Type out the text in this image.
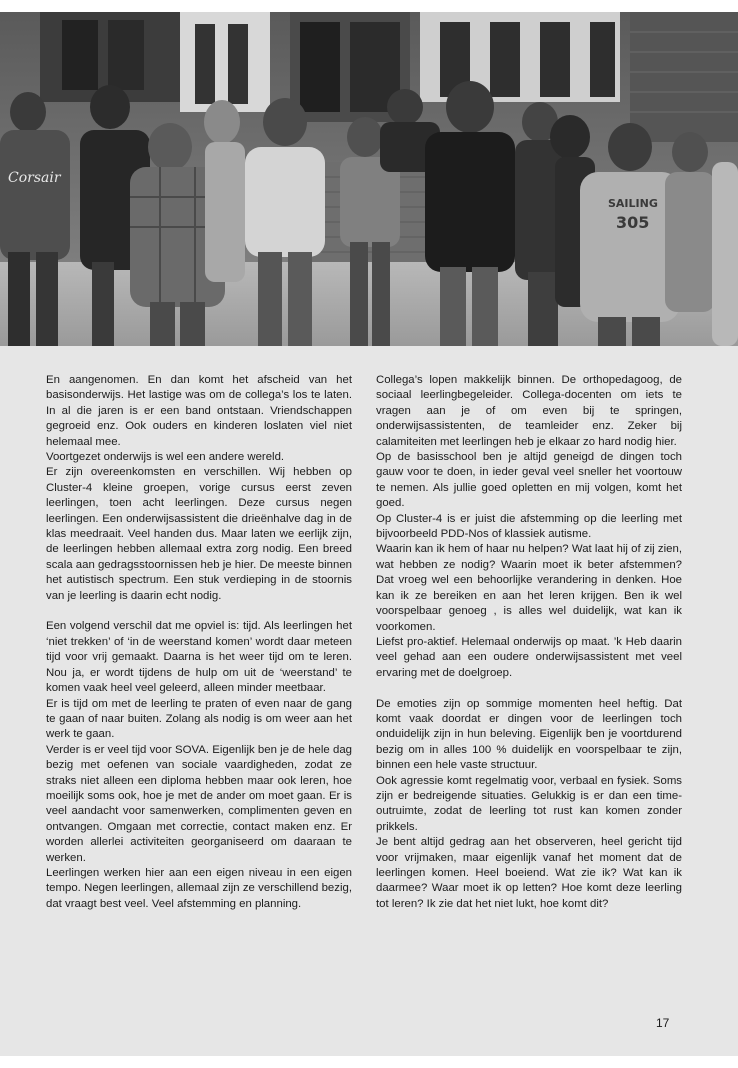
Corsair
SAILING
305

En aangenomen. En dan komt het afscheid van het basisonderwijs. Het lastige was om de collega’s los te laten. In al die jaren is er een band ontstaan. Vriendschappen gegroeid enz. Ook ouders en kinderen loslaten viel niet helemaal mee.

Voortgezet onderwijs is wel een andere wereld.

Er zijn overeenkomsten en verschillen. Wij hebben op Cluster-4 kleine groepen, vorige cursus eerst zeven leerlingen, toen acht leerlingen. Deze cursus negen leerlingen. Een onderwijsassistent die drieënhalve dag in de klas meedraait. Veel handen dus. Maar laten we eerlijk zijn, de leerlingen hebben allemaal extra zorg nodig. Een breed scala aan gedragsstoornissen heb je hier. De meeste binnen het autistisch spectrum. Een stuk verdieping in de stoornis van je leerling is daarin echt nodig.

Een volgend verschil dat me opviel is: tijd. Als leerlingen het ‘niet trekken’ of ‘in de weerstand komen’ wordt daar meteen tijd voor vrij gemaakt. Daarna is het weer tijd om te leren. Nou ja, er wordt tijdens de hulp om uit de ‘weerstand’ te komen vaak heel veel geleerd, alleen minder meetbaar.

Er is tijd om met de leerling te praten of even naar de gang te gaan of naar buiten. Zolang als nodig is om weer aan het werk te gaan.

Verder is er veel tijd voor SOVA. Eigenlijk ben je de hele dag bezig met oefenen van sociale vaardigheden, zodat ze straks niet alleen een diploma hebben maar ook leren, hoe moeilijk soms ook, hoe je met de ander om moet gaan. Er is veel aandacht voor samenwerken, complimenten geven en ontvangen. Omgaan met correctie, contact maken enz. Er worden allerlei activiteiten georganiseerd om daaraan te werken.

Leerlingen werken hier aan een eigen niveau in een eigen tempo. Negen leerlingen, allemaal zijn ze verschillend bezig, dat vraagt best veel. Veel afstemming en planning.

Collega’s lopen makkelijk binnen. De orthopedagoog, de sociaal leerlingbegeleider. Collega-docenten om iets te vragen aan je of om even bij te springen, onderwijsassistenten, de teamleider enz. Zeker bij calamiteiten met leerlingen heb je elkaar zo hard nodig hier.

Op de basisschool ben je altijd geneigd de dingen toch gauw voor te doen, in ieder geval veel sneller het voortouw te nemen. Als jullie goed opletten en mij volgen, komt het goed.

Op Cluster-4 is er juist die afstemming op die leerling met bijvoorbeeld PDD-Nos of klassiek autisme.

Waarin kan ik hem of haar nu helpen? Wat laat hij of zij zien, wat hebben ze nodig? Waarin moet ik beter afstemmen? Dat vroeg wel een behoorlijke verandering in denken. Hoe kan ik ze bereiken en aan het leren krijgen. Ben ik wel voorspelbaar genoeg , is alles wel duidelijk, wat kan ik voorkomen.

Liefst pro-aktief. Helemaal onderwijs op maat. ’k Heb daarin veel gehad aan een oudere onderwijsassistent met veel ervaring met de doelgroep.

De emoties zijn op sommige momenten heel heftig. Dat komt vaak doordat er dingen voor de leerlingen toch onduidelijk zijn in hun beleving. Eigenlijk ben je voortdurend bezig om in alles 100 % duidelijk en voorspelbaar te zijn, binnen een hele vaste structuur.

Ook agressie komt regelmatig voor, verbaal en fysiek. Soms zijn er bedreigende situaties. Gelukkig is er dan een time-outruimte, zodat de leerling tot rust kan komen zonder prikkels.

Je bent altijd gedrag aan het observeren, heel gericht tijd voor vrijmaken, maar eigenlijk vanaf het moment dat de leerlingen komen. Heel boeiend. Wat zie ik? Wat kan ik daarmee? Waar moet ik op letten? Hoe komt deze leerling tot leren? Ik zie dat het niet lukt, hoe komt dit?

17
